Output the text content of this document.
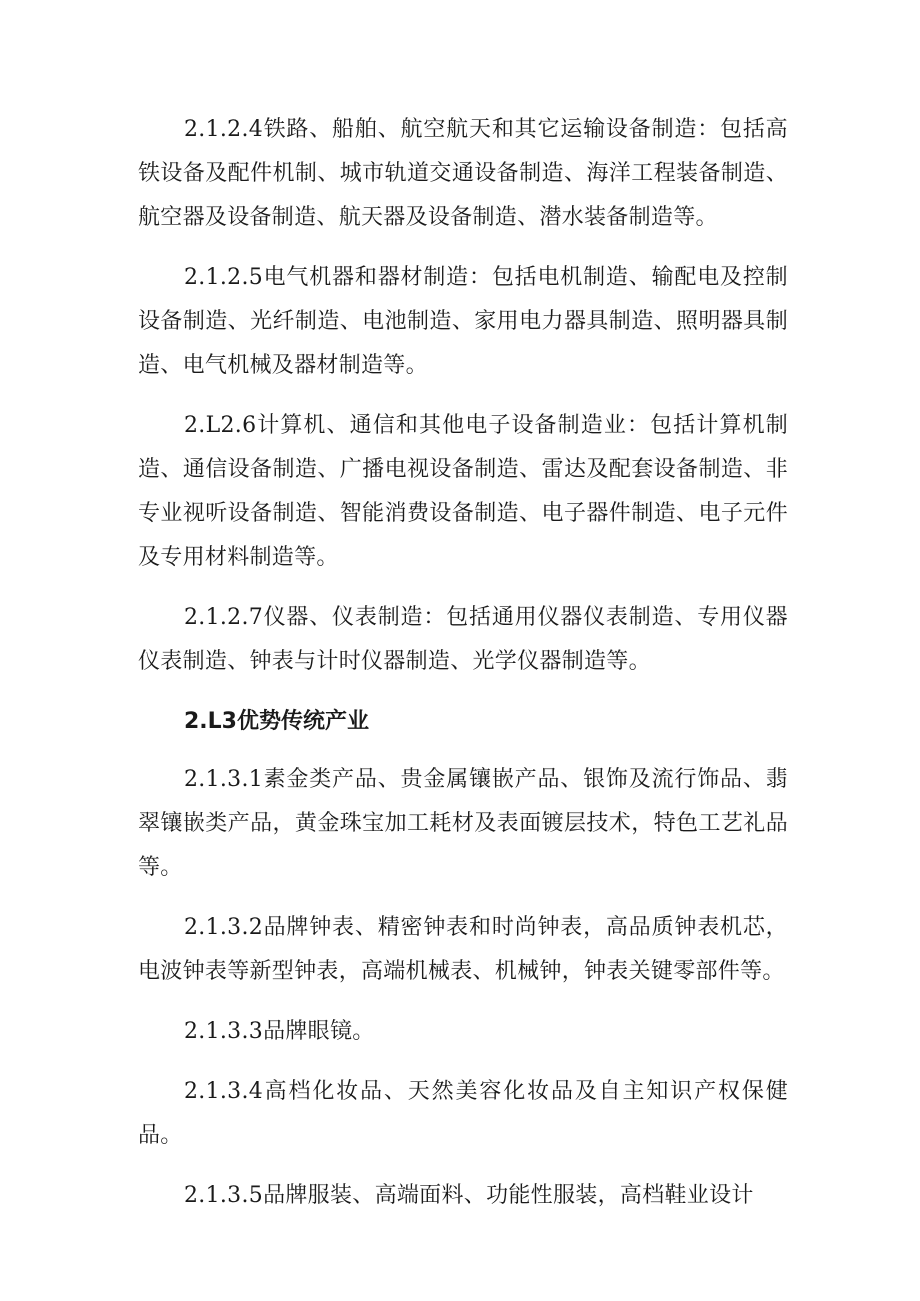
2.1.2.4铁路、船舶、航空航天和其它运输设备制造：包括高铁设备及配件机制、城市轨道交通设备制造、海洋工程装备制造、航空器及设备制造、航天器及设备制造、潜水装备制造等。

2.1.2.5电气机器和器材制造：包括电机制造、输配电及控制设备制造、光纤制造、电池制造、家用电力器具制造、照明器具制造、电气机械及器材制造等。

2.L2.6计算机、通信和其他电子设备制造业：包括计算机制造、通信设备制造、广播电视设备制造、雷达及配套设备制造、非专业视听设备制造、智能消费设备制造、电子器件制造、电子元件及专用材料制造等。

2.1.2.7仪器、仪表制造：包括通用仪器仪表制造、专用仪器仪表制造、钟表与计时仪器制造、光学仪器制造等。

2.L3优势传统产业

2.1.3.1素金类产品、贵金属镶嵌产品、银饰及流行饰品、翡翠镶嵌类产品，黄金珠宝加工耗材及表面镀层技术，特色工艺礼品等。

2.1.3.2品牌钟表、精密钟表和时尚钟表，高品质钟表机芯，电波钟表等新型钟表，高端机械表、机械钟，钟表关键零部件等。

2.1.3.3品牌眼镜。

2.1.3.4高档化妆品、天然美容化妆品及自主知识产权保健品。

2.1.3.5品牌服装、高端面料、功能性服装，高档鞋业设计
